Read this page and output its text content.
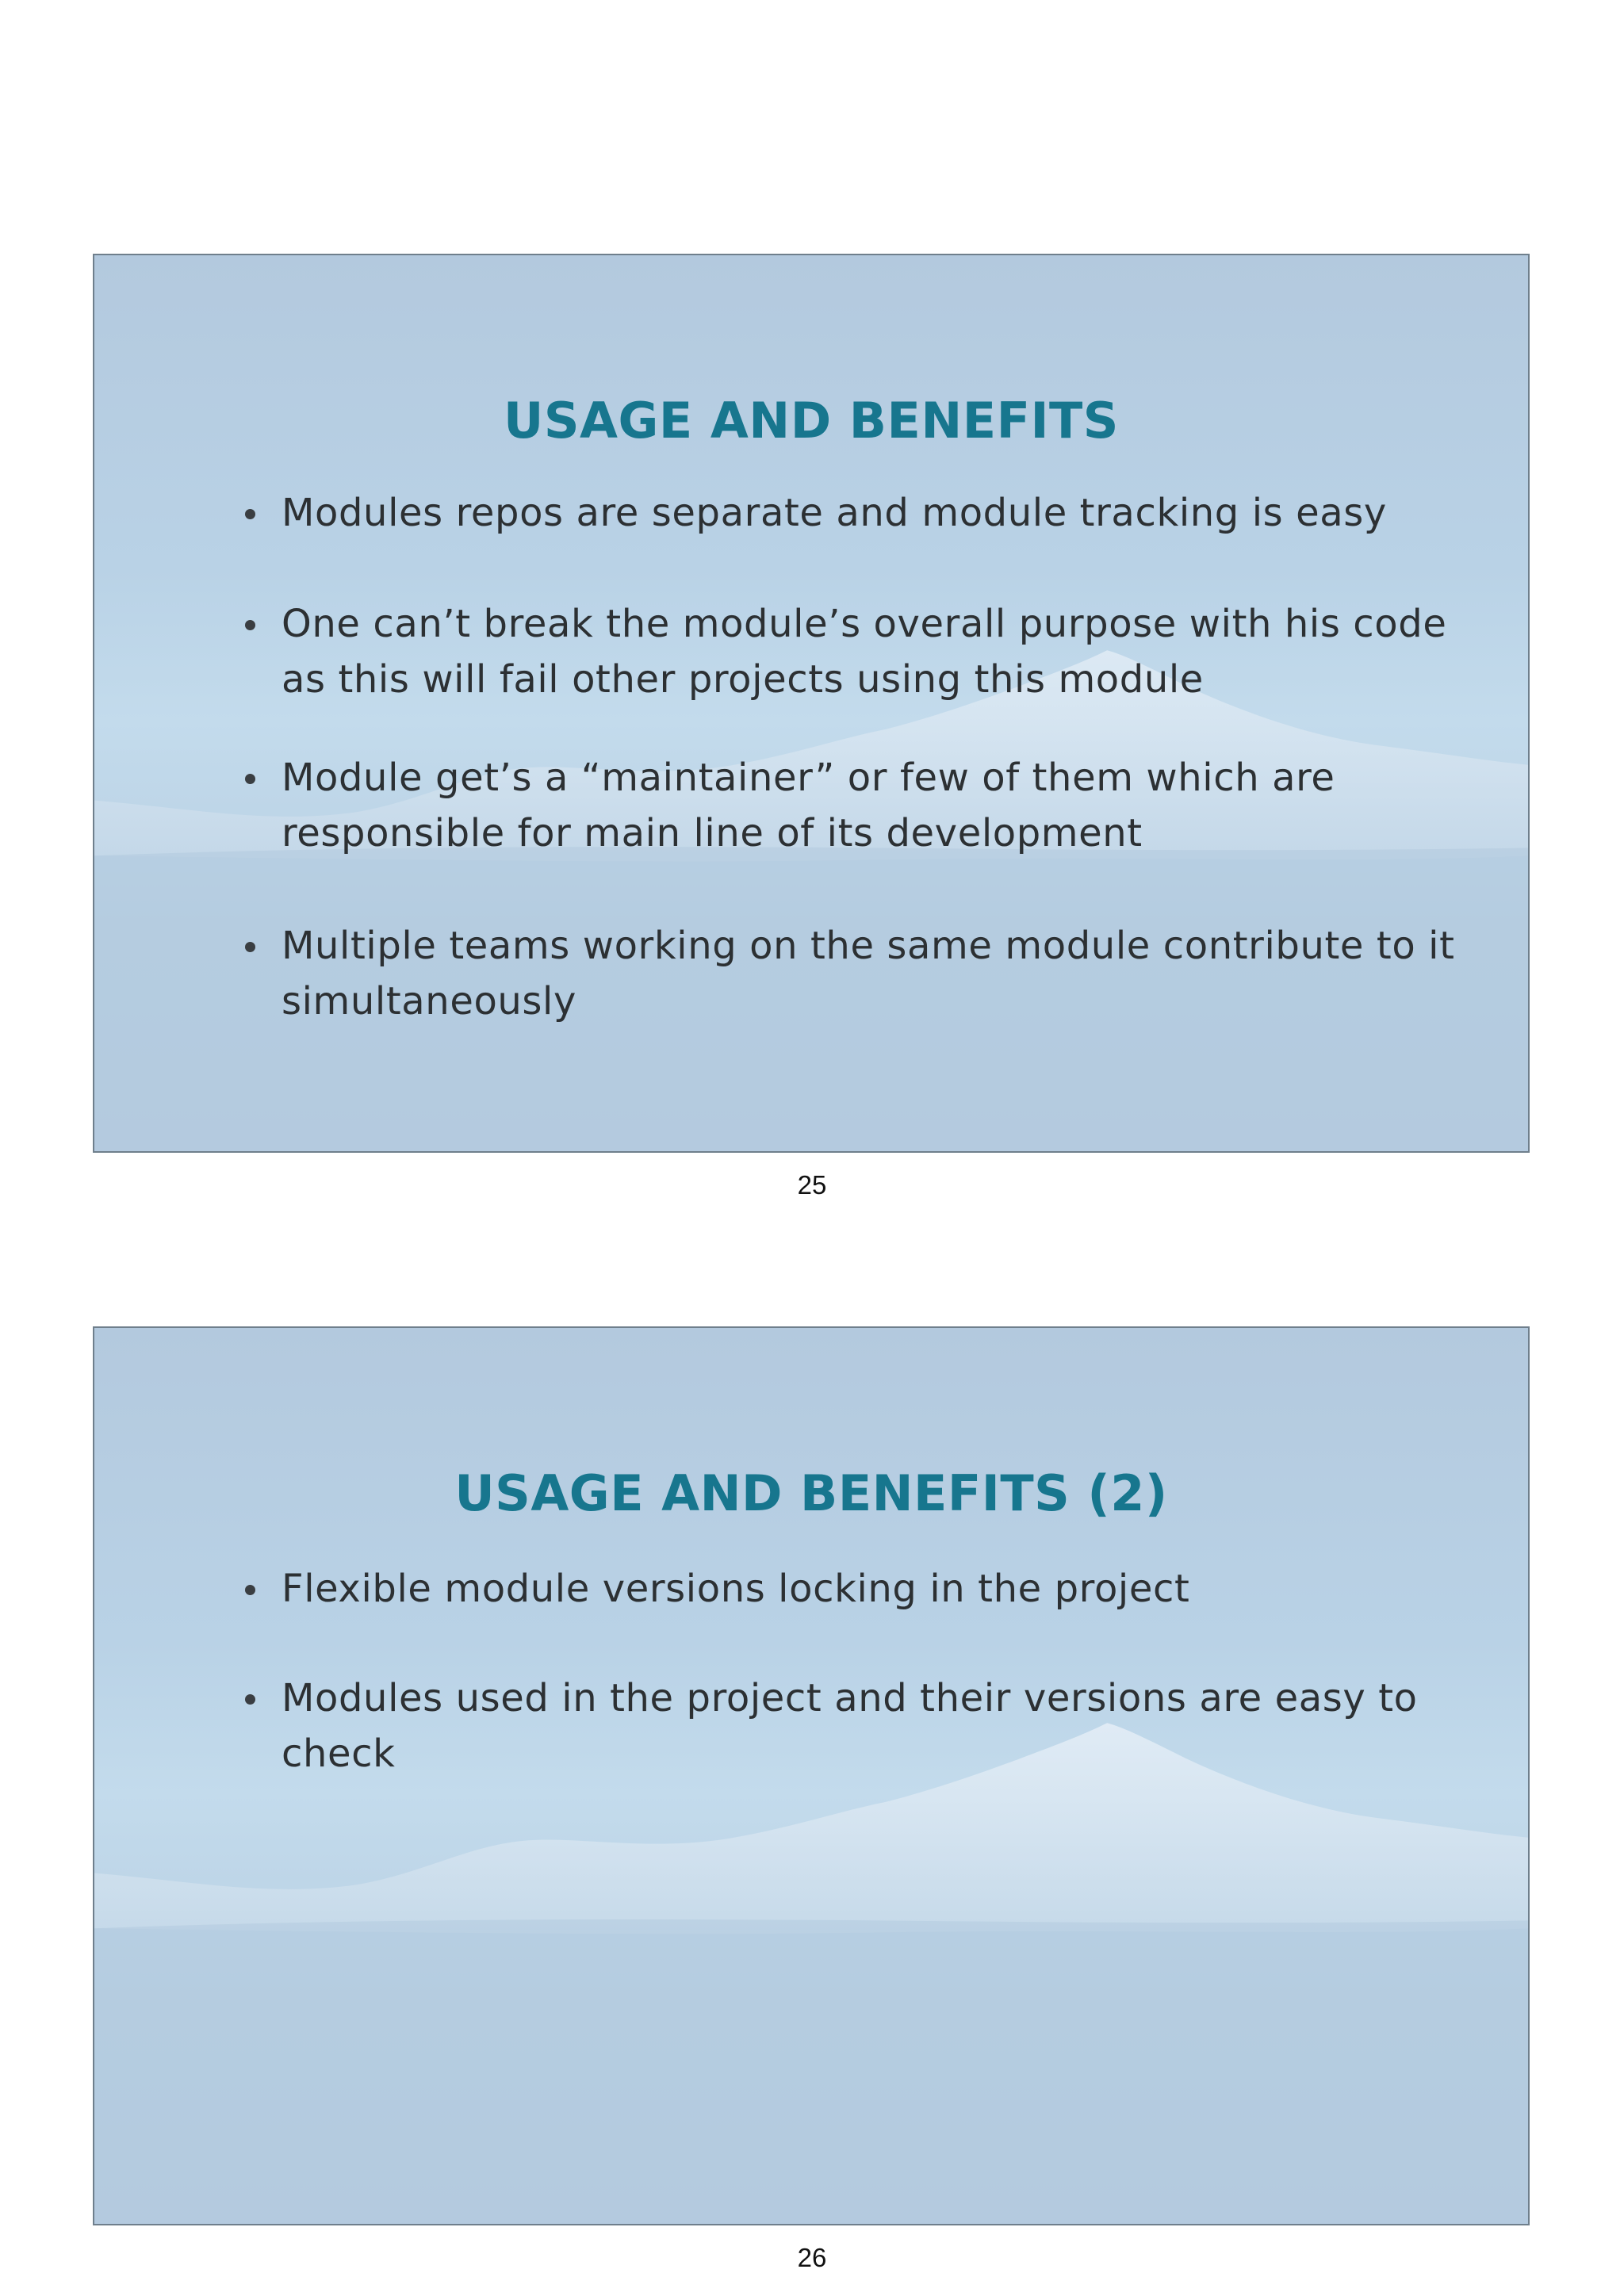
USAGE AND BENEFITS
Modules repos are separate and module tracking is easy
One can’t break the module’s overall purpose with his code as this will fail other projects using this module
Module get’s a “maintainer” or few of them which are responsible for main line of its development
Multiple teams working on the same module contribute to it simultaneously
25
USAGE AND BENEFITS (2)
Flexible module versions locking in the project
Modules used in the project and their versions are easy to check
26
